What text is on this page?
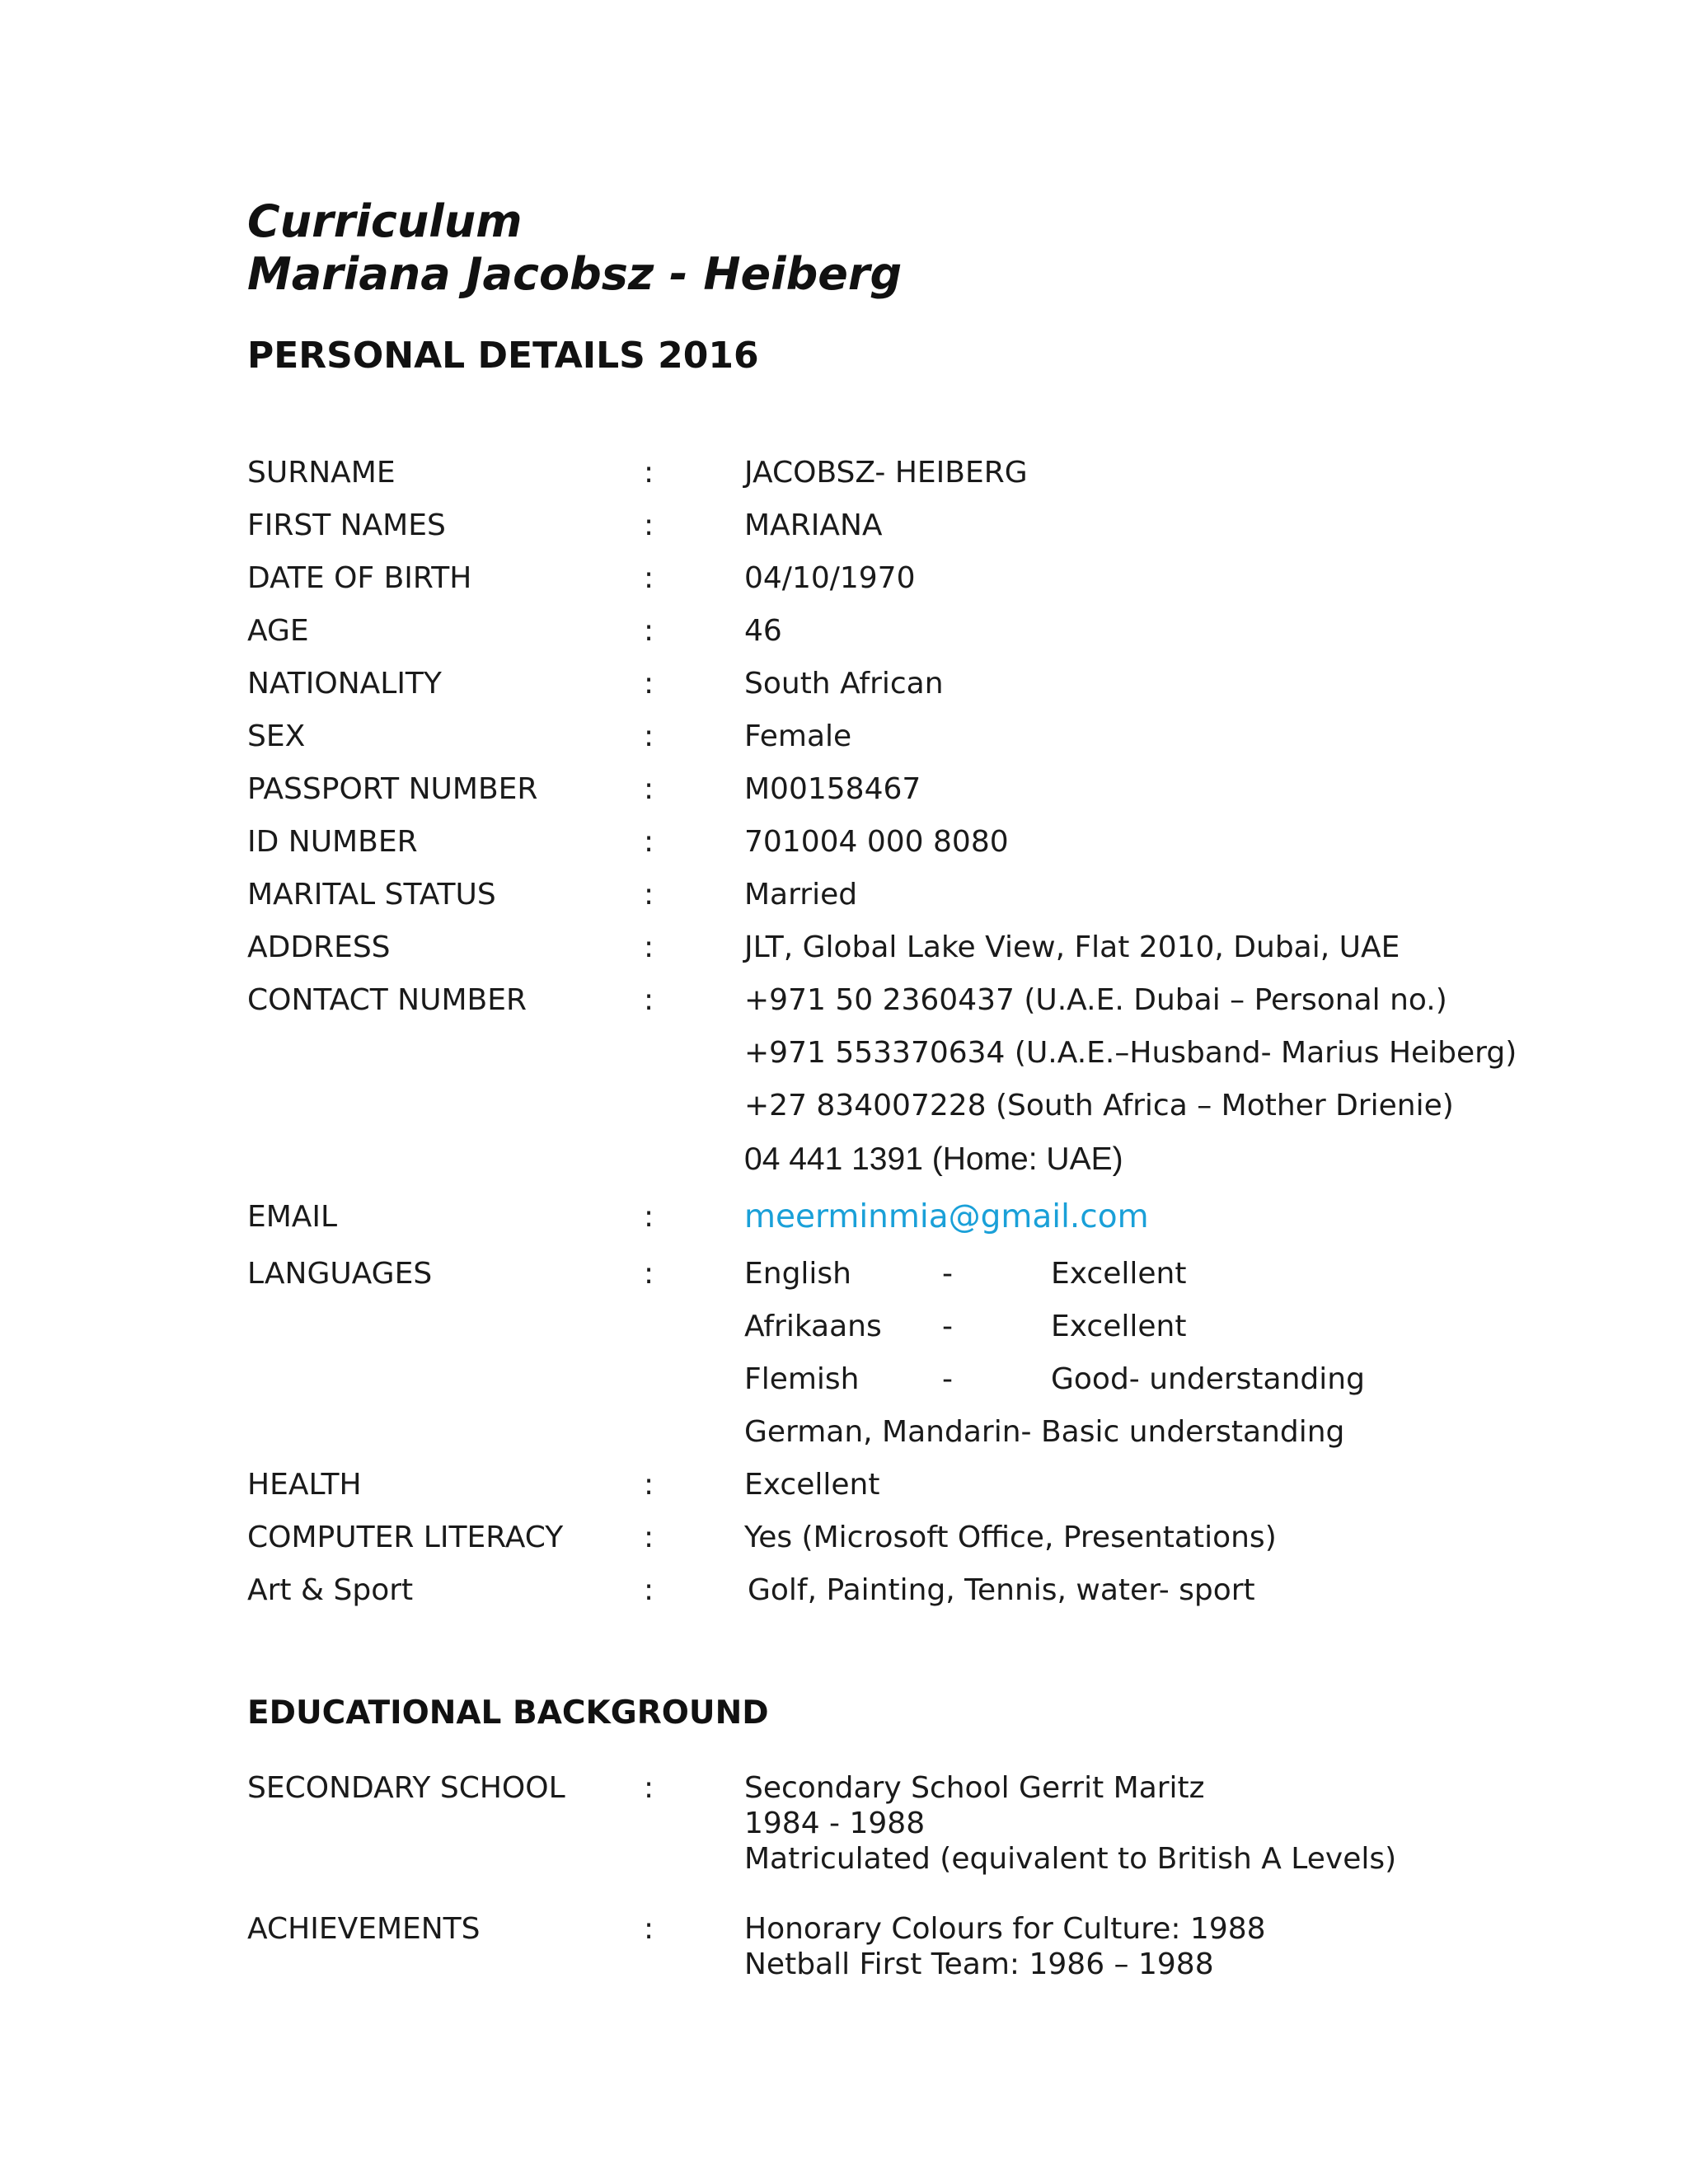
Curriculum
Mariana Jacobsz - Heiberg
PERSONAL DETAILS 2016
SURNAME	:	JACOBSZ- HEIBERG
FIRST NAMES	:	MARIANA
DATE OF BIRTH	:	04/10/1970
AGE	:	46
NATIONALITY	:	South African
SEX	:	Female
PASSPORT NUMBER	:	M00158467
ID NUMBER	:	701004 000 8080
MARITAL STATUS	:	Married
ADDRESS	:	JLT, Global Lake View, Flat 2010, Dubai, UAE
CONTACT NUMBER	:	+971 50 2360437 (U.A.E. Dubai – Personal no.)
+971 553370634 (U.A.E.–Husband- Marius Heiberg)
+27 834007228 (South Africa – Mother Drienie)
04 441 1391 (Home: UAE)
EMAIL	:	meerminmia@gmail.com
LANGUAGES	:	English	-	Excellent
Afrikaans -	Excellent
Flemish	-	Good- understanding
German, Mandarin- Basic understanding
HEALTH	:	Excellent
COMPUTER LITERACY	:	Yes (Microsoft Office, Presentations)
Art & Sport	:	Golf, Painting, Tennis, water- sport
EDUCATIONAL BACKGROUND
SECONDARY SCHOOL	:	Secondary School Gerrit Maritz
1984 - 1988
Matriculated (equivalent to British A Levels)
ACHIEVEMENTS	:	Honorary Colours for Culture: 1988
Netball First Team: 1986 – 1988
